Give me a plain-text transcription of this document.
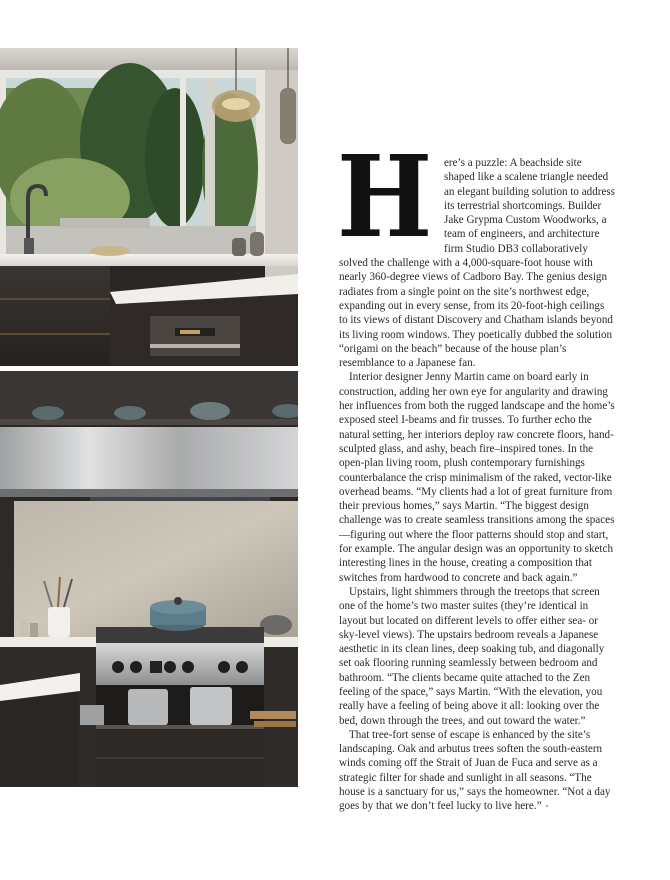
H	ere’s a puzzle: A beachside site shaped like a scalene triangle needed an elegant building solution to address its terrestrial shortcomings. Builder Jake Grypma Custom Woodworks, a team of engineers, and architecture firm Studio DB3 collaboratively solved the challenge with a 4,000-square-foot house with nearly 360-degree views of Cadboro Bay. The genius design radiates from a single point on the site’s northwest edge, expanding out in every sense, from its 20-foot-high ceilings to its views of distant Discovery and Chatham islands beyond its living room windows. They poetically dubbed the solution “origami on the beach” because of the house plan’s resemblance to a Japanese fan.

Interior designer Jenny Martin came on board early in construction, adding her own eye for angularity and drawing her influences from both the rugged landscape and the home’s exposed steel I-beams and fir trusses. To further echo the natural setting, her interiors deploy raw concrete floors, hand-sculpted glass, and ashy, beach fire–inspired tones. In the open-plan living room, plush contemporary furnishings counterbalance the crisp minimalism of the raked, vector-like overhead beams. “My clients had a lot of great furniture from their previous homes,” says Martin. “The biggest design challenge was to create seamless transitions among the spaces—figuring out where the floor patterns should stop and start, for example. The angular design was an opportunity to sketch interesting lines in the house, creating a composition that switches from hardwood to concrete and back again.”

Upstairs, light shimmers through the treetops that screen one of the home’s two master suites (they’re identical in layout but located on different levels to offer either sea- or sky-level views). The upstairs bedroom reveals a Japanese aesthetic in its clean lines, deep soaking tub, and diagonally set oak flooring running seamlessly between bedroom and bathroom. “The clients became quite attached to the Zen feeling of the space,” says Martin. “With the elevation, you really have a feeling of being above it all: looking over the bed, down through the trees, and out toward the water.”

That tree-fort sense of escape is enhanced by the site’s landscaping. Oak and arbutus trees soften the south-eastern winds coming off the Strait of Juan de Fuca and serve as a strategic filter for shade and sunlight in all seasons. “The house is a sanctuary for us,” says the homeowner. “Not a day goes by that we don’t feel lucky to live here.” ▫
